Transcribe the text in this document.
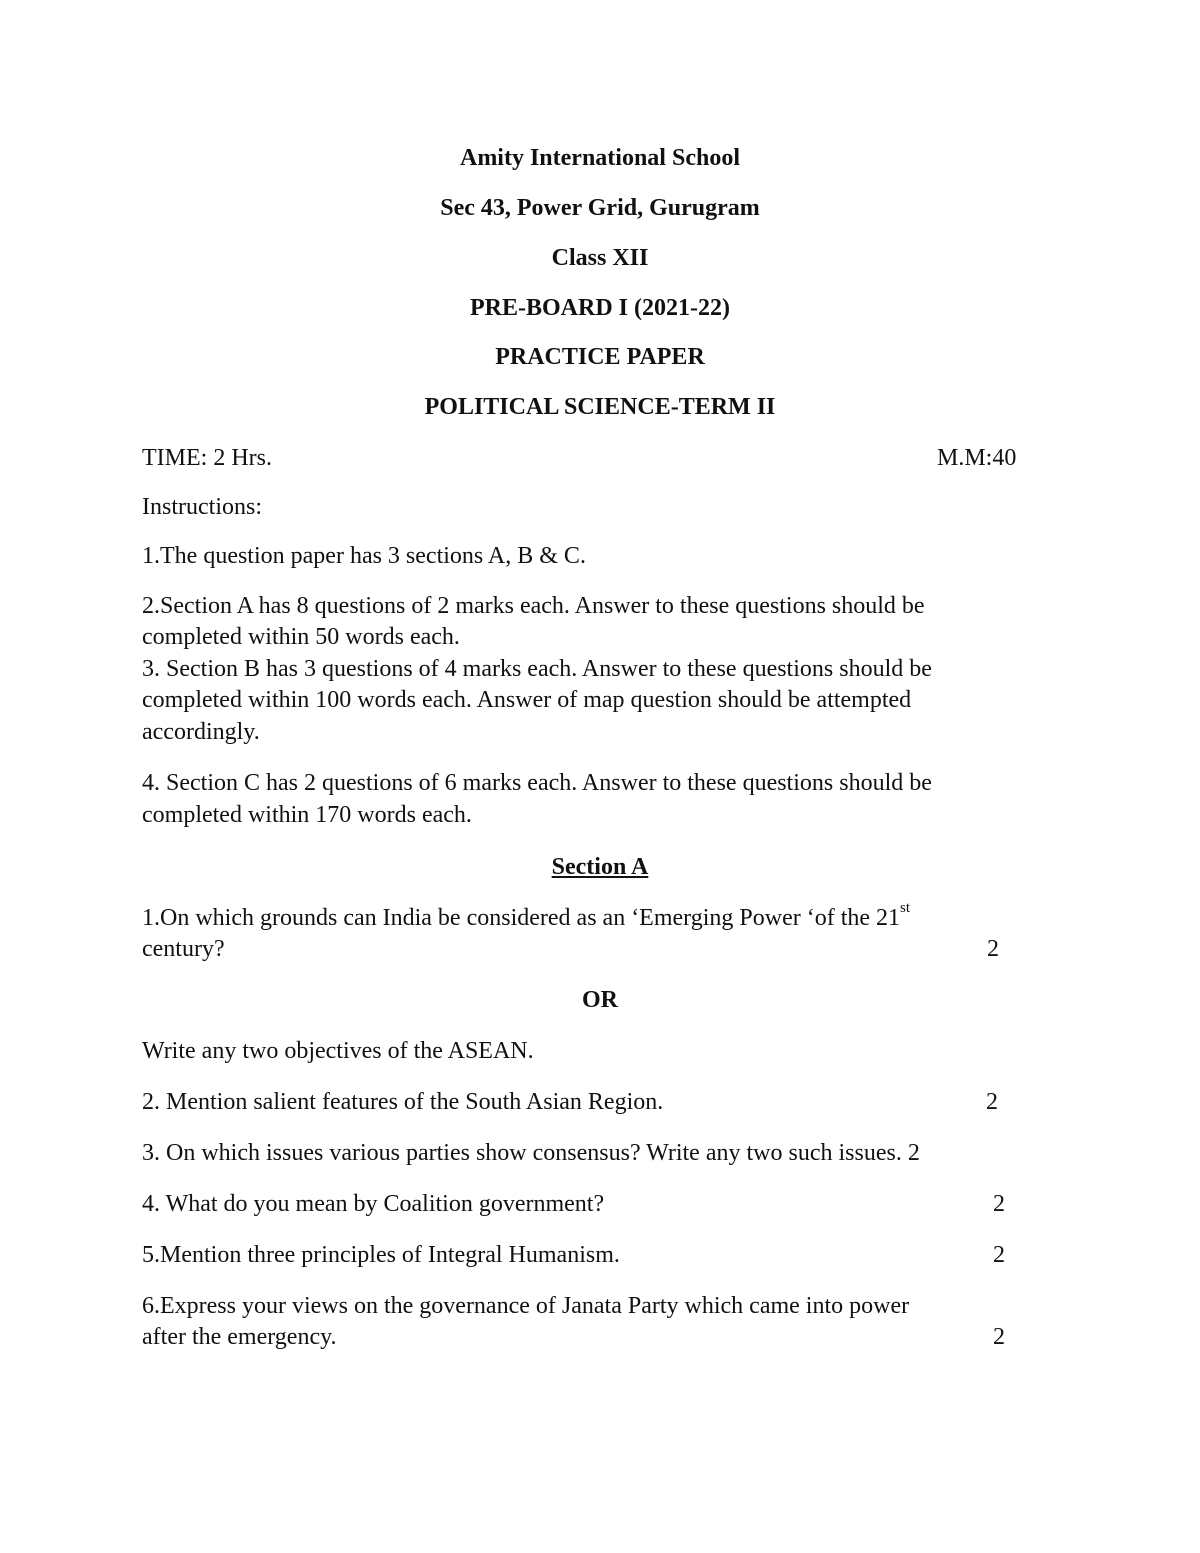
Amity International School
Sec 43, Power Grid, Gurugram
Class XII
PRE-BOARD I (2021-22)
PRACTICE PAPER
POLITICAL SCIENCE-TERM II
TIME: 2 Hrs.	M.M:40
Instructions:
1.The question paper has 3 sections A, B & C.
2.Section A has 8 questions of 2 marks each. Answer to these questions should be
completed within 50 words each.
3. Section B has 3 questions of 4 marks each. Answer to these questions should be
completed within 100 words each. Answer of map question should be attempted
accordingly.
4. Section C has 2 questions of 6 marks each. Answer to these questions should be
completed within 170 words each.
Section A
1.On which grounds can India be considered as an ‘Emerging Power ‘of the 21st
century?	2
OR
Write any two objectives of the ASEAN.
2. Mention salient features of the South Asian Region.	2
3. On which issues various parties show consensus? Write any two such issues. 2
4. What do you mean by Coalition government?	2
5.Mention three principles of Integral Humanism.	2
6.Express your views on the governance of Janata Party which came into power
after the emergency.	2
